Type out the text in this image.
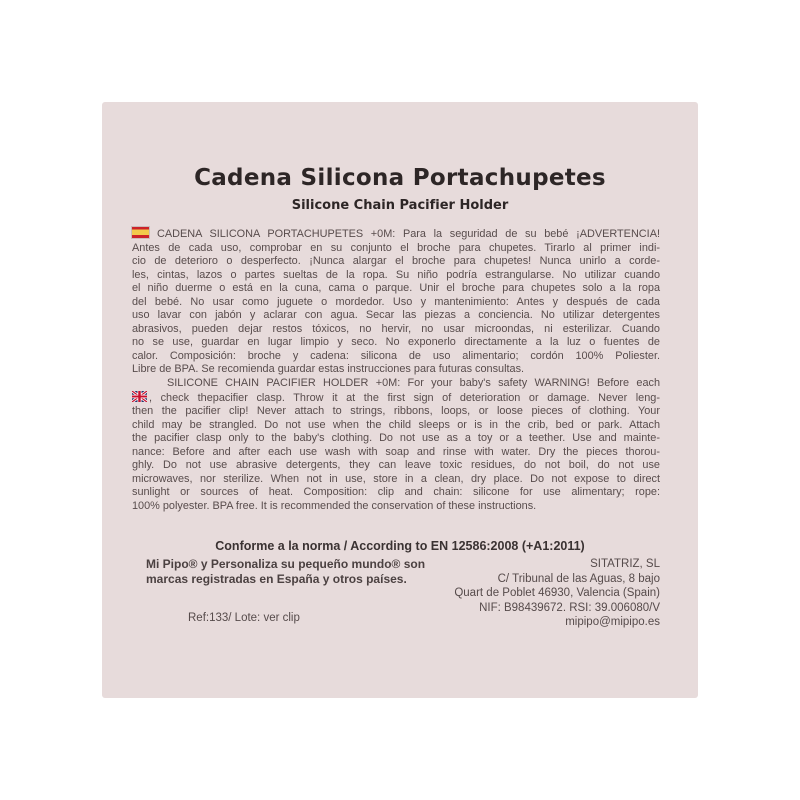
Cadena Silicona Portachupetes
Silicone Chain Pacifier Holder
CADENA SILICONA PORTACHUPETES +0M: Para la seguridad de su bebé ¡ADVERTENCIA!
Antes de cada uso, comprobar en su conjunto el broche para chupetes. Tirarlo al primer indi-
cio de deterioro o desperfecto. ¡Nunca alargar el broche para chupetes! Nunca unirlo a corde-
les, cintas, lazos o partes sueltas de la ropa. Su niño podría estrangularse. No utilizar cuando
el niño duerme o está en la cuna, cama o parque. Unir el broche para chupetes solo a la ropa
del bebé. No usar como juguete o mordedor. Uso y mantenimiento: Antes y después de cada
uso lavar con jabón y aclarar con agua. Secar las piezas a conciencia. No utilizar detergentes
abrasivos, pueden dejar restos tóxicos, no hervir, no usar microondas, ni esterilizar. Cuando
no se use, guardar en lugar limpio y seco. No exponerlo directamente a la luz o fuentes de
calor. Composición: broche y cadena: silicona de uso alimentario; cordón 100% Poliester.
Libre de BPA. Se recomienda guardar estas instrucciones para futuras consultas.
SILICONE CHAIN PACIFIER HOLDER +0M: For your baby's safety WARNING! Before each
, check thepacifier clasp. Throw it at the first sign of deterioration or damage. Never leng-
then the pacifier clip! Never attach to strings, ribbons, loops, or loose pieces of clothing. Your
child may be strangled. Do not use when the child sleeps or is in the crib, bed or park. Attach
the pacifier clasp only to the baby's clothing. Do not use as a toy or a teether. Use and mainte-
nance: Before and after each use wash with soap and rinse with water. Dry the pieces thorou-
ghly. Do not use abrasive detergents, they can leave toxic residues, do not boil, do not use
microwaves, nor sterilize. When not in use, store in a clean, dry place. Do not expose to direct
sunlight or sources of heat. Composition: clip and chain: silicone for use alimentary; rope:
100% polyester. BPA free. It is recommended the conservation of these instructions.
Conforme a la norma / According to EN 12586:2008 (+A1:2011)
Mi Pipo® y Personaliza su pequeño mundo® son
marcas registradas en España y otros países.
SITATRIZ, SL
C/ Tribunal de las Aguas, 8 bajo
Quart de Poblet 46930, Valencia (Spain)
NIF: B98439672. RSI: 39.006080/V
mipipo@mipipo.es
Ref:133/ Lote: ver clip
